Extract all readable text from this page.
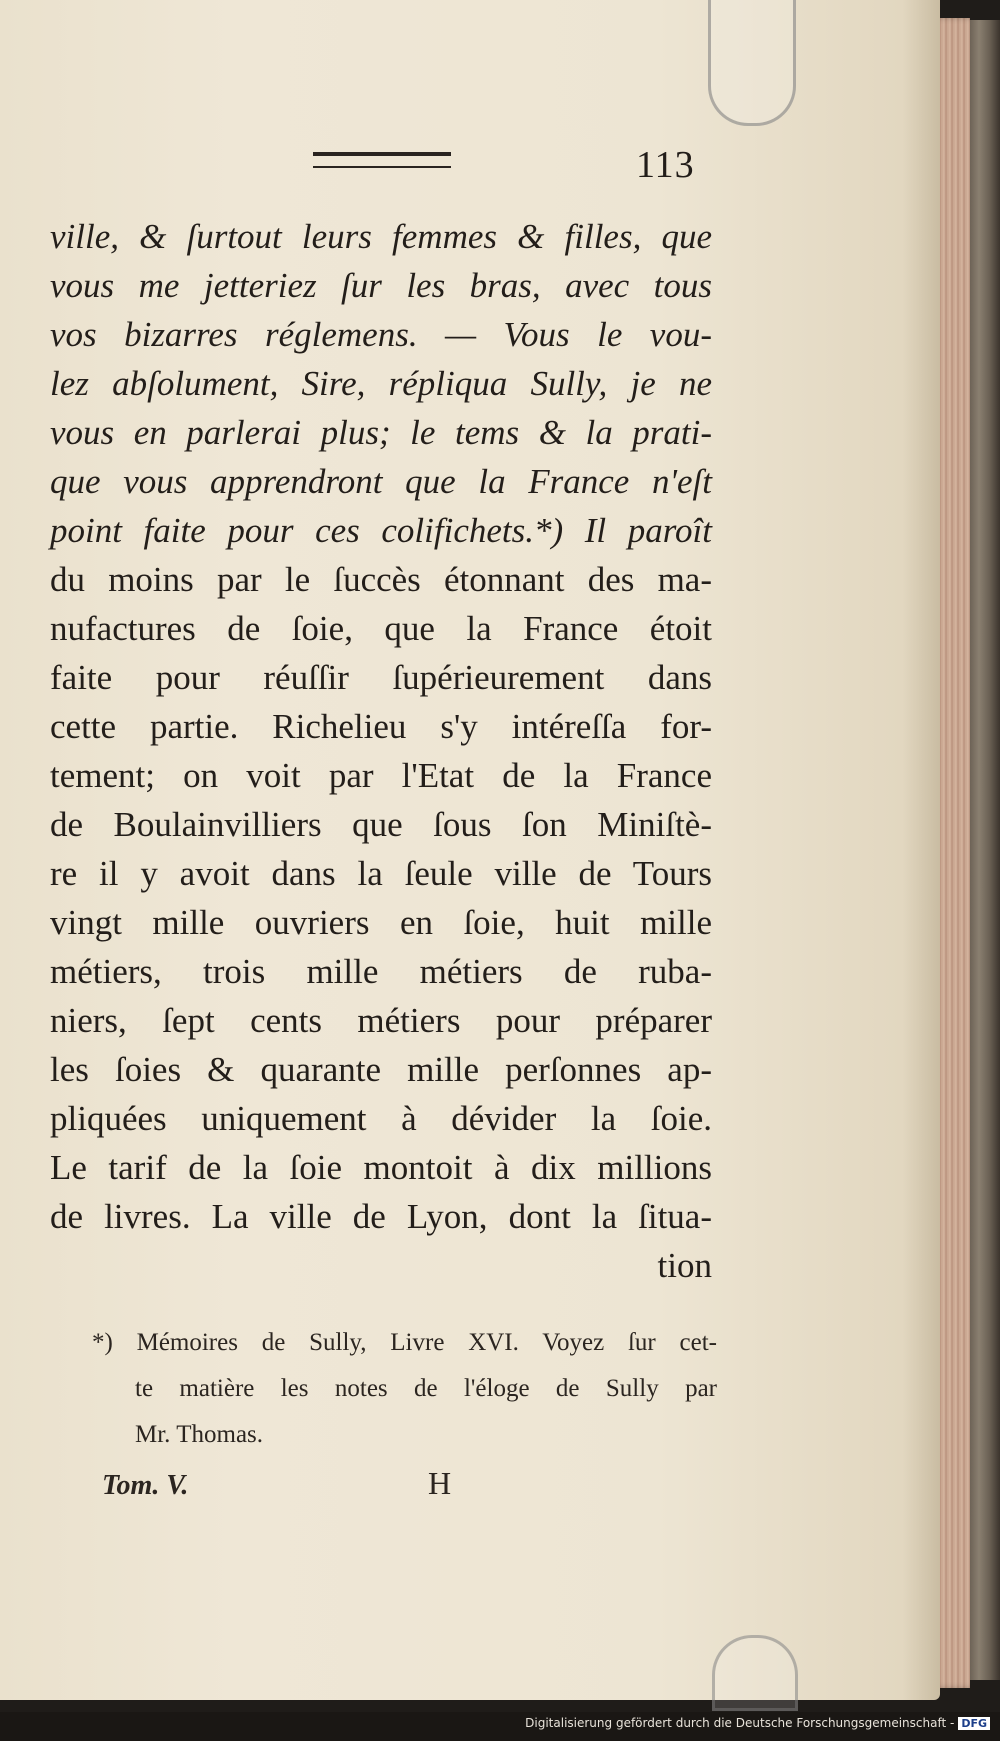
113
ville, & ſurtout leurs femmes & filles, que
vous me jetteriez ſur les bras, avec tous
vos bizarres réglemens. — Vous le vou-
lez abſolument, Sire, répliqua Sully, je ne
vous en parlerai plus; le tems & la prati-
que vous apprendront que la France n'eſt
point faite pour ces colifichets.*) Il paroît
du moins par le ſuccès étonnant des ma-
nufactures de ſoie, que la France étoit
faite pour réuſſir ſupérieurement dans
cette partie. Richelieu s'y intéreſſa for-
tement; on voit par l'Etat de la France
de Boulainvilliers que ſous ſon Miniſtè-
re il y avoit dans la ſeule ville de Tours
vingt mille ouvriers en ſoie, huit mille
métiers, trois mille métiers de ruba-
niers, ſept cents métiers pour préparer
les ſoies & quarante mille perſonnes ap-
pliquées uniquement à dévider la ſoie.
Le tarif de la ſoie montoit à dix millions
de livres. La ville de Lyon, dont la ſitua-
tion
*) Mémoires de Sully, Livre XVI. Voyez ſur cet-
te matière les notes de l'éloge de Sully par
Mr. Thomas.
Tom. V.	H
Digitalisierung gefördert durch die Deutsche Forschungsgemeinschaft - DFG
